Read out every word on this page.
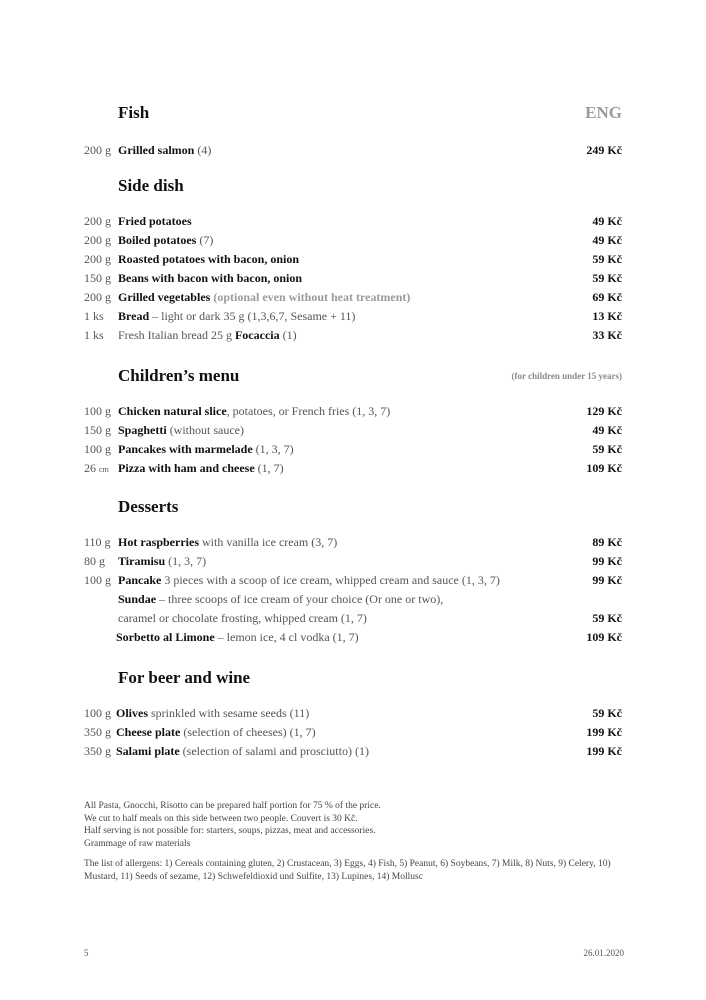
Fish	ENG
200 g Grilled salmon (4)	249 Kč
Side dish
200 g Fried potatoes	49 Kč
200 g Boiled potatoes (7)	49 Kč
200 g Roasted potatoes with bacon, onion	59 Kč
150 g Beans with bacon with bacon, onion	59 Kč
200 g Grilled vegetables (optional even without heat treatment)	69 Kč
1 ks Bread – light or dark 35 g (1,3,6,7, Sesame + 11)	13 Kč
1 ks Fresh Italian bread 25 g Focaccia (1)	33 Kč
Children’s menu	(for children under 15 years)
100 g Chicken natural slice, potatoes, or French fries (1, 3, 7)	129 Kč
150 g Spaghetti (without sauce)	49 Kč
100 g Pancakes with marmelade (1, 3, 7)	59 Kč
26 cm Pizza with ham and cheese (1, 7)	109 Kč
Desserts
110 g Hot raspberries with vanilla ice cream (3, 7)	89 Kč
80 g Tiramisu (1, 3, 7)	99 Kč
100 g Pancake 3 pieces with a scoop of ice cream, whipped cream and sauce (1, 3, 7)	99 Kč
Sundae – three scoops of ice cream of your choice (Or one or two),
caramel or chocolate frosting, whipped cream (1, 7)	59 Kč
Sorbetto al Limone – lemon ice, 4 cl vodka (1, 7)	109 Kč
For beer and wine
100 g Olives sprinkled with sesame seeds (11)	59 Kč
350 g Cheese plate (selection of cheeses) (1, 7)	199 Kč
350 g Salami plate (selection of salami and prosciutto) (1)	199 Kč
All Pasta, Gnocchi, Risotto can be prepared half portion for 75 % of the price.
We cut to half meals on this side between two people. Couvert is 30 Kč.
Half serving is not possible for: starters, soups, pizzas, meat and accessories.
Grammage of raw materials
The list of allergens: 1) Cereals containing gluten, 2) Crustacean, 3) Eggs, 4) Fish, 5) Peanut, 6) Soybeans, 7) Milk, 8) Nuts, 9) Celery, 10) Mustard, 11) Seeds of sezame, 12) Schwefeldioxid und Sulfite, 13) Lupines, 14) Mollusc
5	26.01.2020
